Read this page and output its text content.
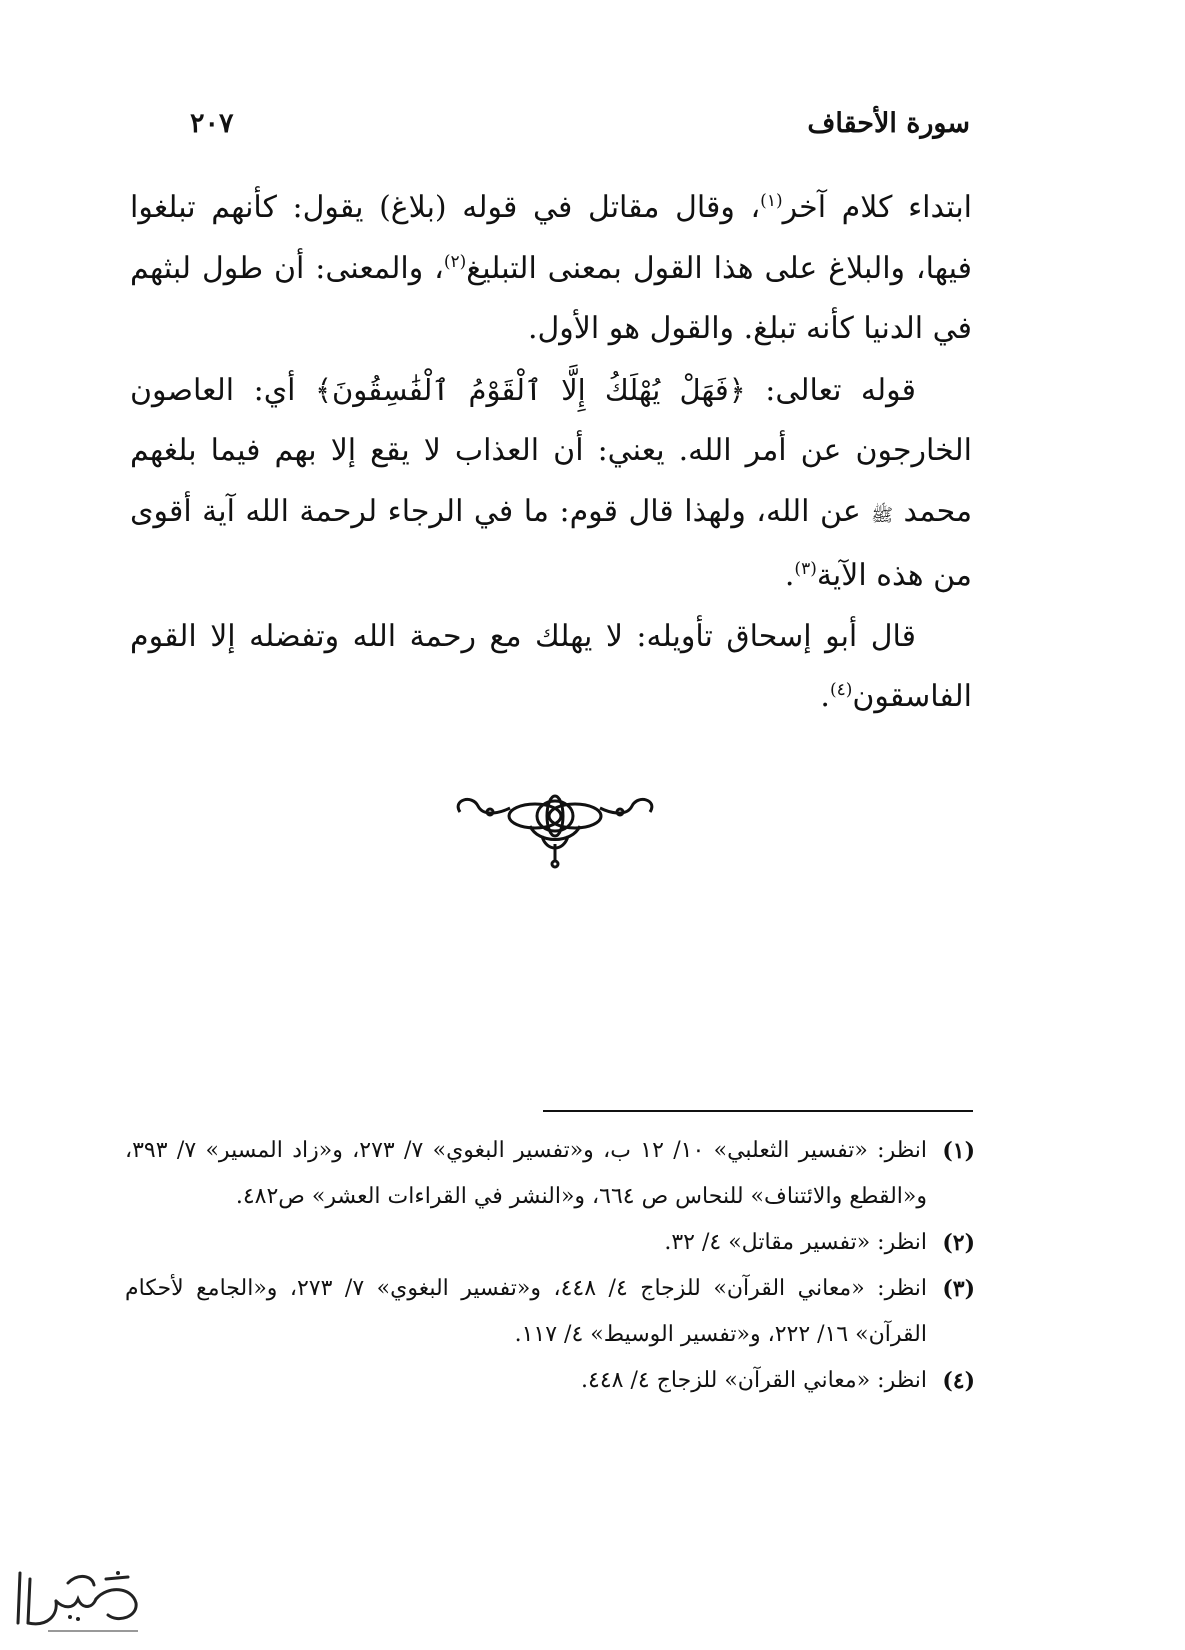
سورة الأحقاف
٢٠٧

ابتداء كلام آخر$^{(١)}$، وقال مقاتل في قوله (بلاغ) يقول: كأنهم تبلغوا فيها، والبلاغ على هذا القول بمعنى التبليغ$^{(٢)}$، والمعنى: أن طول لبثهم في الدنيا كأنه تبلغ. والقول هو الأول.

قوله تعالى: ﴿فَهَلْ يُهْلَكُ إِلَّا ٱلْقَوْمُ ٱلْفَٰسِقُونَ﴾ أي: العاصون الخارجون عن أمر الله. يعني: أن العذاب لا يقع إلا بهم فيما بلغهم محمد ﷺ عن الله، ولهذا قال قوم: ما في الرجاء لرحمة الله آية أقوى من هذه الآية$^{(٣)}$.

قال أبو إسحاق تأويله: لا يهلك مع رحمة الله وتفضله إلا القوم الفاسقون$^{(٤)}$.

(١)
انظر: «تفسير الثعلبي» ١٠/ ١٢ ب، و«تفسير البغوي» ٧/ ٢٧٣، و«زاد المسير» ٧/ ٣٩٣، و«القطع والائتناف» للنحاس ص ٦٦٤، و«النشر في القراءات العشر» ص٤٨٢.

(٢)
انظر: «تفسير مقاتل» ٤/ ٣٢.

(٣)
انظر: «معاني القرآن» للزجاج ٤/ ٤٤٨، و«تفسير البغوي» ٧/ ٢٧٣، و«الجامع لأحكام القرآن» ١٦/ ٢٢٢، و«تفسير الوسيط» ٤/ ١١٧.

(٤)
انظر: «معاني القرآن» للزجاج ٤/ ٤٤٨.
